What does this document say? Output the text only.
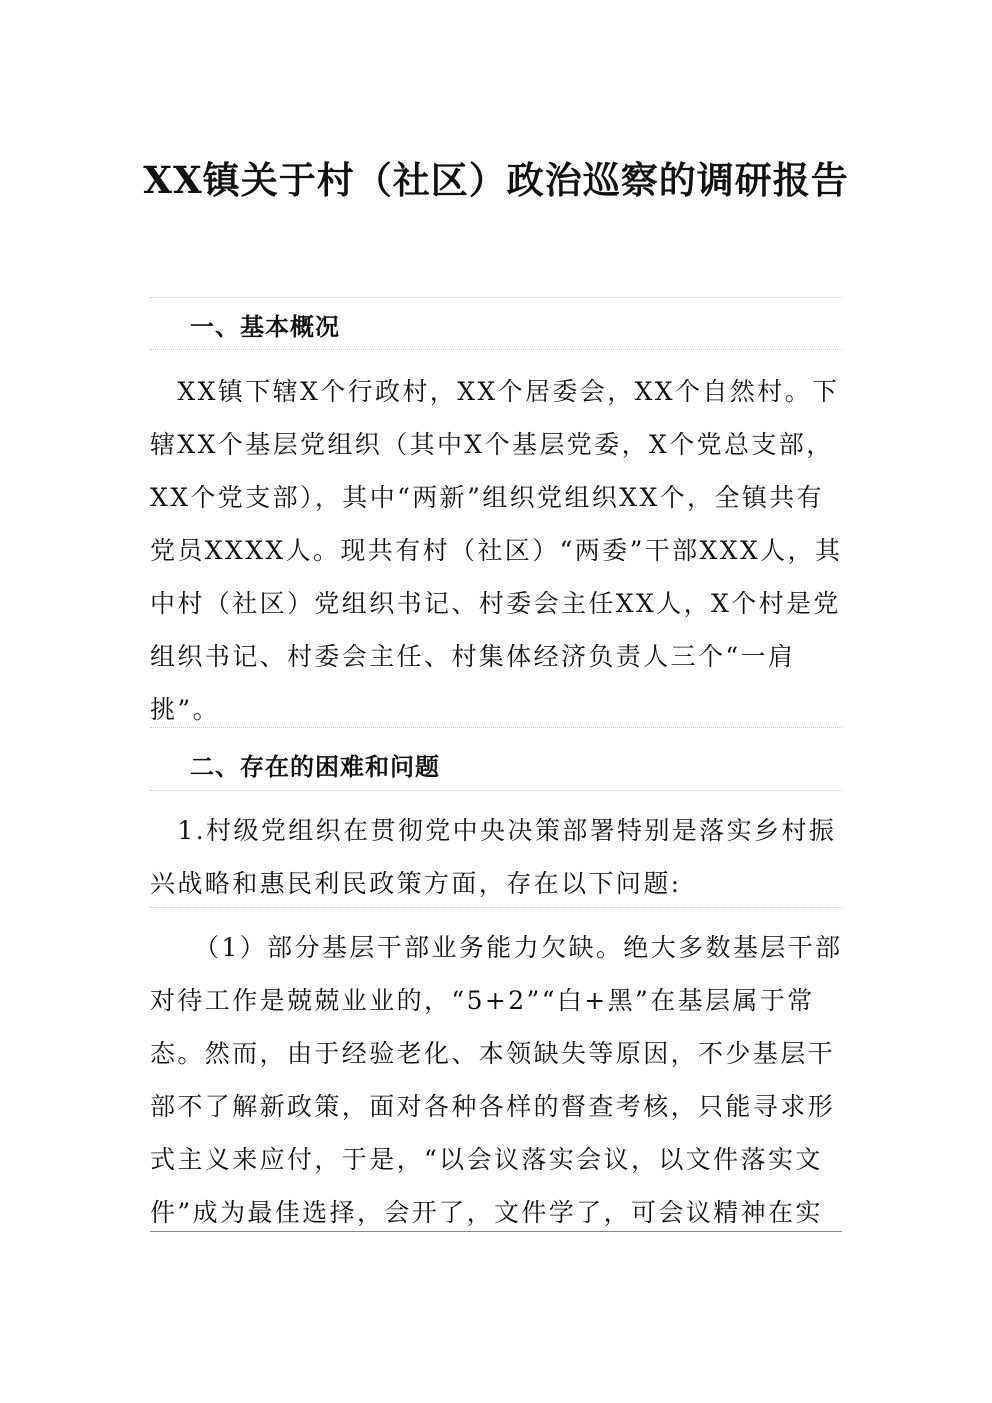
XX镇关于村（社区）政治巡察的调研报告
一、基本概况
　XX镇下辖X个行政村，XX个居委会，XX个自然村。下
辖XX个基层党组织（其中X个基层党委，X个党总支部，
XX个党支部），其中“两新”组织党组织XX个，全镇共有
党员XXXX人。现共有村（社区）“两委”干部XXX人，其
中村（社区）党组织书记、村委会主任XX人，X个村是党
组织书记、村委会主任、村集体经济负责人三个“一肩
挑”。
二、存在的困难和问题
　1.村级党组织在贯彻党中央决策部署特别是落实乡村振
兴战略和惠民利民政策方面，存在以下问题:
（1）部分基层干部业务能力欠缺。绝大多数基层干部
对待工作是兢兢业业的，“5+2”“白+黑”在基层属于常
态。然而，由于经验老化、本领缺失等原因，不少基层干
部不了解新政策，面对各种各样的督查考核，只能寻求形
式主义来应付，于是，“以会议落实会议，以文件落实文
件”成为最佳选择，会开了，文件学了，可会议精神在实
